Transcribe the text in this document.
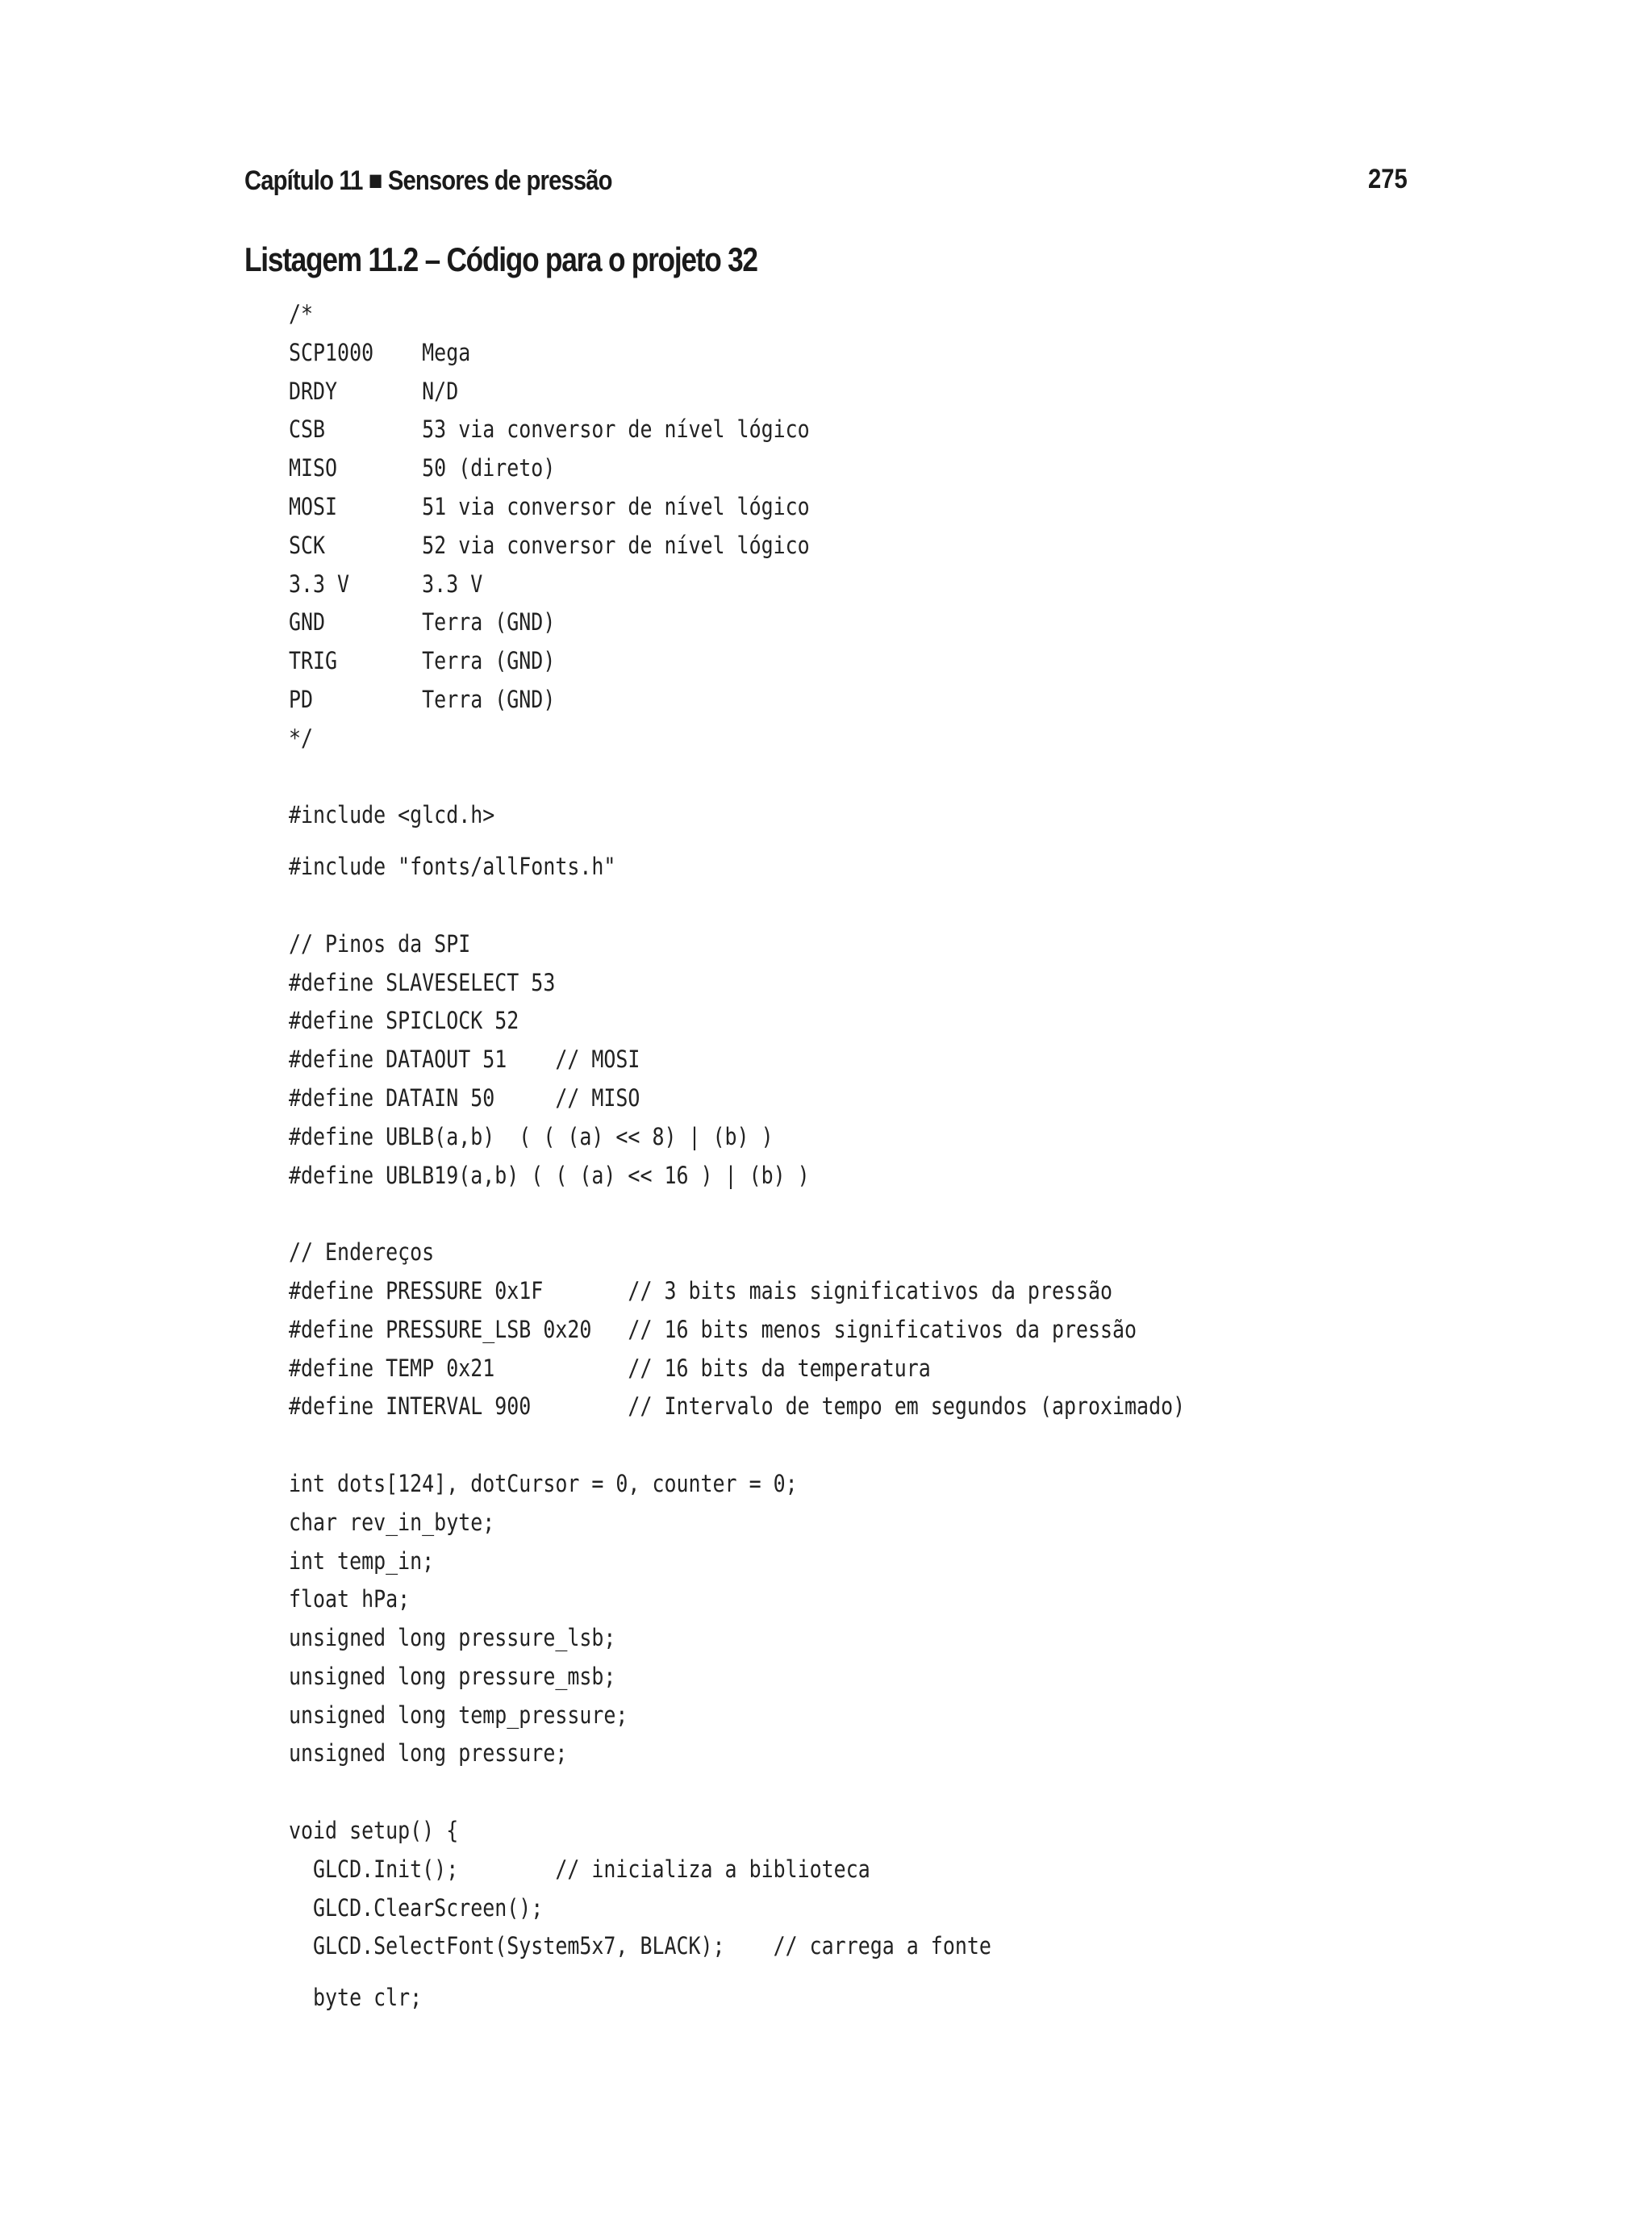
Capítulo 11 ■ Sensores de pressão	275
Listagem 11.2 – Código para o projeto 32
/*
SCP1000    Mega
DRDY       N/D
CSB        53 via conversor de nível lógico
MISO       50 (direto)
MOSI       51 via conversor de nível lógico
SCK        52 via conversor de nível lógico
3.3 V      3.3 V
GND        Terra (GND)
TRIG       Terra (GND)
PD         Terra (GND)
*/
#include <glcd.h>
#include "fonts/allFonts.h"
// Pinos da SPI
#define SLAVESELECT 53
#define SPICLOCK 52
#define DATAOUT 51    // MOSI
#define DATAIN 50     // MISO
#define UBLB(a,b)  ( ( (a) << 8) | (b) )
#define UBLB19(a,b) ( ( (a) << 16 ) | (b) )
// Endereços
#define PRESSURE 0x1F       // 3 bits mais significativos da pressão
#define PRESSURE_LSB 0x20   // 16 bits menos significativos da pressão
#define TEMP 0x21           // 16 bits da temperatura
#define INTERVAL 900        // Intervalo de tempo em segundos (aproximado)
int dots[124], dotCursor = 0, counter = 0;
char rev_in_byte;
int temp_in;
float hPa;
unsigned long pressure_lsb;
unsigned long pressure_msb;
unsigned long temp_pressure;
unsigned long pressure;
void setup() {
GLCD.Init();        // inicializa a biblioteca
GLCD.ClearScreen();
GLCD.SelectFont(System5x7, BLACK);    // carrega a fonte
byte clr;
